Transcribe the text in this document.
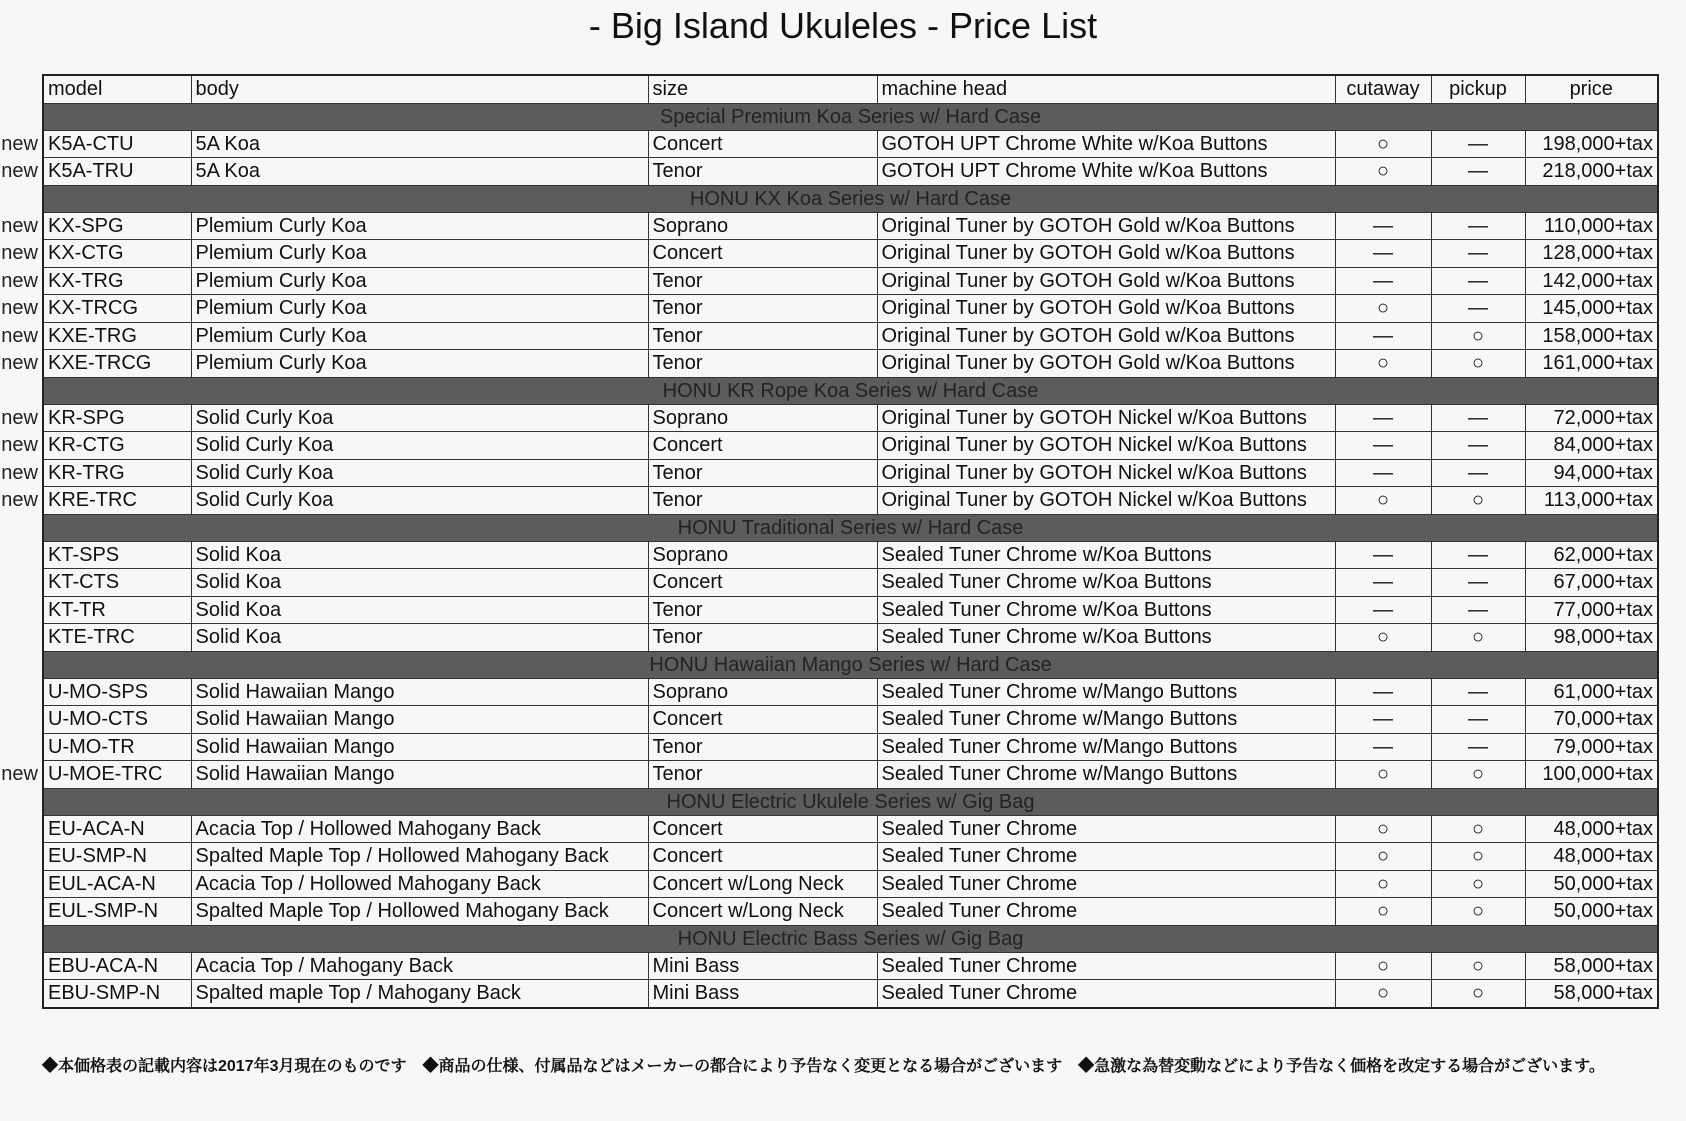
- Big Island Ukuleles - Price List
model	body	size	machine head	cutaway	pickup	price
Special Premium Koa Series w/ Hard Case						

new K5A-CTU	5A Koa	Concert	GOTOH UPT Chrome White w/Koa Buttons	○	—	198,000+tax

new K5A-TRU	5A Koa	Tenor	GOTOH UPT Chrome White w/Koa Buttons	○	—	218,000+tax
HONU KX Koa Series w/ Hard Case						

new KX-SPG	Plemium Curly Koa	Soprano	Original Tuner by GOTOH Gold w/Koa Buttons	—	—	110,000+tax

new KX-CTG	Plemium Curly Koa	Concert	Original Tuner by GOTOH Gold w/Koa Buttons	—	—	128,000+tax

new KX-TRG	Plemium Curly Koa	Tenor	Original Tuner by GOTOH Gold w/Koa Buttons	—	—	142,000+tax

new KX-TRCG	Plemium Curly Koa	Tenor	Original Tuner by GOTOH Gold w/Koa Buttons	○	—	145,000+tax

new KXE-TRG	Plemium Curly Koa	Tenor	Original Tuner by GOTOH Gold w/Koa Buttons	—	○	158,000+tax

new KXE-TRCG	Plemium Curly Koa	Tenor	Original Tuner by GOTOH Gold w/Koa Buttons	○	○	161,000+tax
HONU KR Rope Koa Series w/ Hard Case						

new KR-SPG	Solid Curly Koa	Soprano	Original Tuner by GOTOH Nickel w/Koa Buttons	—	—	72,000+tax

new KR-CTG	Solid Curly Koa	Concert	Original Tuner by GOTOH Nickel w/Koa Buttons	—	—	84,000+tax

new KR-TRG	Solid Curly Koa	Tenor	Original Tuner by GOTOH Nickel w/Koa Buttons	—	—	94,000+tax

new KRE-TRC	Solid Curly Koa	Tenor	Original Tuner by GOTOH Nickel w/Koa Buttons	○	○	113,000+tax
HONU Traditional Series w/ Hard Case						
KT-SPS	Solid Koa	Soprano	Sealed Tuner Chrome w/Koa Buttons	—	—	62,000+tax
KT-CTS	Solid Koa	Concert	Sealed Tuner Chrome w/Koa Buttons	—	—	67,000+tax
KT-TR	Solid Koa	Tenor	Sealed Tuner Chrome w/Koa Buttons	—	—	77,000+tax
KTE-TRC	Solid Koa	Tenor	Sealed Tuner Chrome w/Koa Buttons	○	○	98,000+tax
HONU Hawaiian Mango Series w/ Hard Case						
U-MO-SPS	Solid Hawaiian Mango	Soprano	Sealed Tuner Chrome w/Mango Buttons	—	—	61,000+tax
U-MO-CTS	Solid Hawaiian Mango	Concert	Sealed Tuner Chrome w/Mango Buttons	—	—	70,000+tax
U-MO-TR	Solid Hawaiian Mango	Tenor	Sealed Tuner Chrome w/Mango Buttons	—	—	79,000+tax

new U-MOE-TRC	Solid Hawaiian Mango	Tenor	Sealed Tuner Chrome w/Mango Buttons	○	○	100,000+tax
HONU Electric Ukulele Series w/ Gig Bag						
EU-ACA-N	Acacia Top / Hollowed Mahogany Back	Concert	Sealed Tuner Chrome	○	○	48,000+tax
EU-SMP-N	Spalted Maple Top / Hollowed Mahogany Back	Concert	Sealed Tuner Chrome	○	○	48,000+tax
EUL-ACA-N	Acacia Top / Hollowed Mahogany Back	Concert w/Long Neck	Sealed Tuner Chrome	○	○	50,000+tax
EUL-SMP-N	Spalted Maple Top / Hollowed Mahogany Back	Concert w/Long Neck	Sealed Tuner Chrome	○	○	50,000+tax
HONU Electric Bass Series w/ Gig Bag						
EBU-ACA-N	Acacia Top / Mahogany Back	Mini Bass	Sealed Tuner Chrome	○	○	58,000+tax
EBU-SMP-N	Spalted maple Top / Mahogany Back	Mini Bass	Sealed Tuner Chrome	○	○	58,000+tax
◆本価格表の記載内容は2017年3月現在のものです　◆商品の仕様、付属品などはメーカーの都合により予告なく変更となる場合がございます　◆急激な為替変動などにより予告なく価格を改定する場合がございます。
